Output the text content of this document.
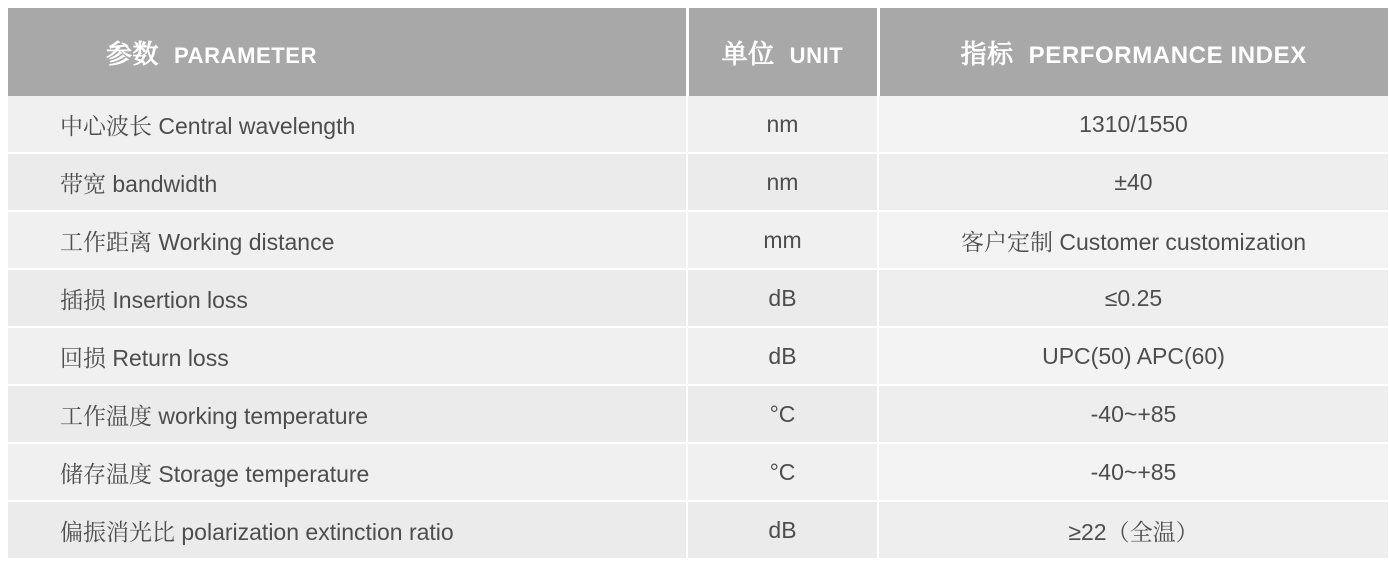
参数 PARAMETER	单位 UNIT	指标 PERFORMANCE INDEX
中心波长 Central wavelength	nm	1310/1550
带宽 bandwidth	nm	±40
工作距离 Working distance	mm	客户定制 Customer customization
插损 Insertion loss	dB	≤0.25
回损 Return loss	dB	UPC(50) APC(60)
工作温度 working temperature	°C	-40~+85
储存温度 Storage temperature	°C	-40~+85
偏振消光比 polarization extinction ratio	dB	≥22（全温）
